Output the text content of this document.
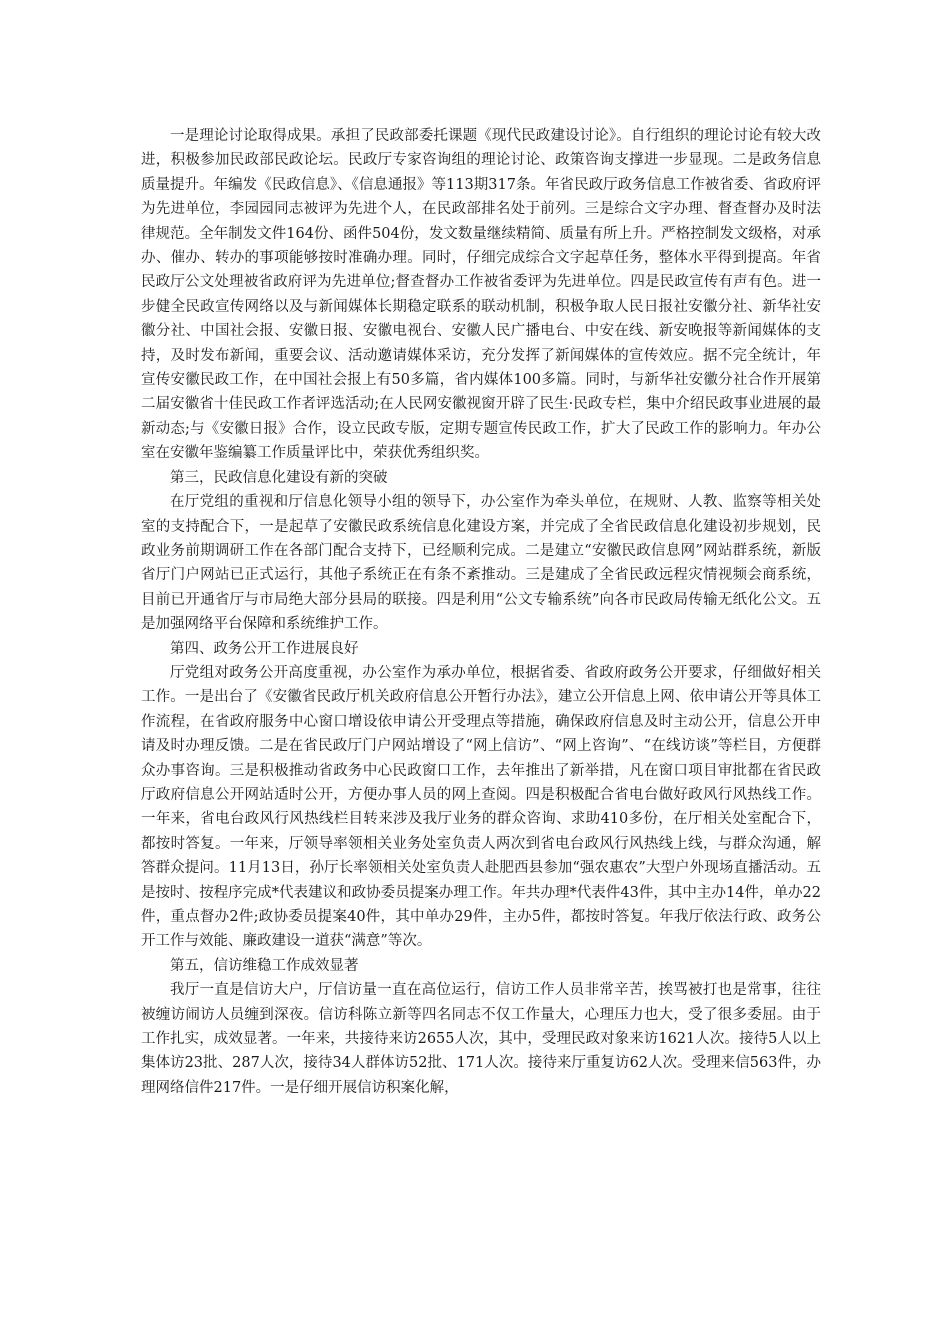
一是理论讨论取得成果。承担了民政部委托课题《现代民政建设讨论》。自行组织的理论讨论有较大改进，积极参加民政部民政论坛。民政厅专家咨询组的理论讨论、政策咨询支撑进一步显现。二是政务信息质量提升。年编发《民政信息》、《信息通报》等113期317条。年省民政厅政务信息工作被省委、省政府评为先进单位，李园园同志被评为先进个人，在民政部排名处于前列。三是综合文字办理、督查督办及时法律规范。全年制发文件164份、函件504份，发文数量继续精简、质量有所上升。严格控制发文级格，对承办、催办、转办的事项能够按时准确办理。同时，仔细完成综合文字起草任务，整体水平得到提高。年省民政厅公文处理被省政府评为先进单位;督查督办工作被省委评为先进单位。四是民政宣传有声有色。进一步健全民政宣传网络以及与新闻媒体长期稳定联系的联动机制，积极争取人民日报社安徽分社、新华社安徽分社、中国社会报、安徽日报、安徽电视台、安徽人民广播电台、中安在线、新安晚报等新闻媒体的支持，及时发布新闻，重要会议、活动邀请媒体采访，充分发挥了新闻媒体的宣传效应。据不完全统计，年宣传安徽民政工作，在中国社会报上有50多篇，省内媒体100多篇。同时，与新华社安徽分社合作开展第二届安徽省十佳民政工作者评选活动;在人民网安徽视窗开辟了民生·民政专栏，集中介绍民政事业进展的最新动态;与《安徽日报》合作，设立民政专版，定期专题宣传民政工作，扩大了民政工作的影响力。年办公室在安徽年鉴编纂工作质量评比中，荣获优秀组织奖。

第三，民政信息化建设有新的突破

在厅党组的重视和厅信息化领导小组的领导下，办公室作为牵头单位，在规财、人教、监察等相关处室的支持配合下，一是起草了安徽民政系统信息化建设方案，并完成了全省民政信息化建设初步规划，民政业务前期调研工作在各部门配合支持下，已经顺利完成。二是建立“安徽民政信息网”网站群系统，新版省厅门户网站已正式运行，其他子系统正在有条不紊推动。三是建成了全省民政远程灾情视频会商系统，目前已开通省厅与市局绝大部分县局的联接。四是利用“公文专输系统”向各市民政局传输无纸化公文。五是加强网络平台保障和系统维护工作。

第四、政务公开工作进展良好

厅党组对政务公开高度重视，办公室作为承办单位，根据省委、省政府政务公开要求，仔细做好相关工作。一是出台了《安徽省民政厅机关政府信息公开暂行办法》，建立公开信息上网、依申请公开等具体工作流程，在省政府服务中心窗口增设依申请公开受理点等措施，确保政府信息及时主动公开，信息公开申请及时办理反馈。二是在省民政厅门户网站增设了“网上信访”、“网上咨询”、“在线访谈”等栏目，方便群众办事咨询。三是积极推动省政务中心民政窗口工作，去年推出了新举措，凡在窗口项目审批都在省民政厅政府信息公开网站适时公开，方便办事人员的网上查阅。四是积极配合省电台做好政风行风热线工作。一年来，省电台政风行风热线栏目转来涉及我厅业务的群众咨询、求助410多份，在厅相关处室配合下，都按时答复。一年来，厅领导率领相关业务处室负责人两次到省电台政风行风热线上线，与群众沟通，解答群众提问。11月13日，孙厅长率领相关处室负责人赴肥西县参加“强农惠农”大型户外现场直播活动。五是按时、按程序完成*代表建议和政协委员提案办理工作。年共办理*代表件43件，其中主办14件，单办22件，重点督办2件;政协委员提案40件，其中单办29件，主办5件，都按时答复。年我厅依法行政、政务公开工作与效能、廉政建设一道获“满意”等次。

第五，信访维稳工作成效显著

我厅一直是信访大户，厅信访量一直在高位运行，信访工作人员非常辛苦，挨骂被打也是常事，往往被缠访闹访人员缠到深夜。信访科陈立新等四名同志不仅工作量大，心理压力也大，受了很多委屈。由于工作扎实，成效显著。一年来，共接待来访2655人次，其中，受理民政对象来访1621人次。接待5人以上集体访23批、287人次，接待34人群体访52批、171人次。接待来厅重复访62人次。受理来信563件，办理网络信件217件。一是仔细开展信访积案化解，
